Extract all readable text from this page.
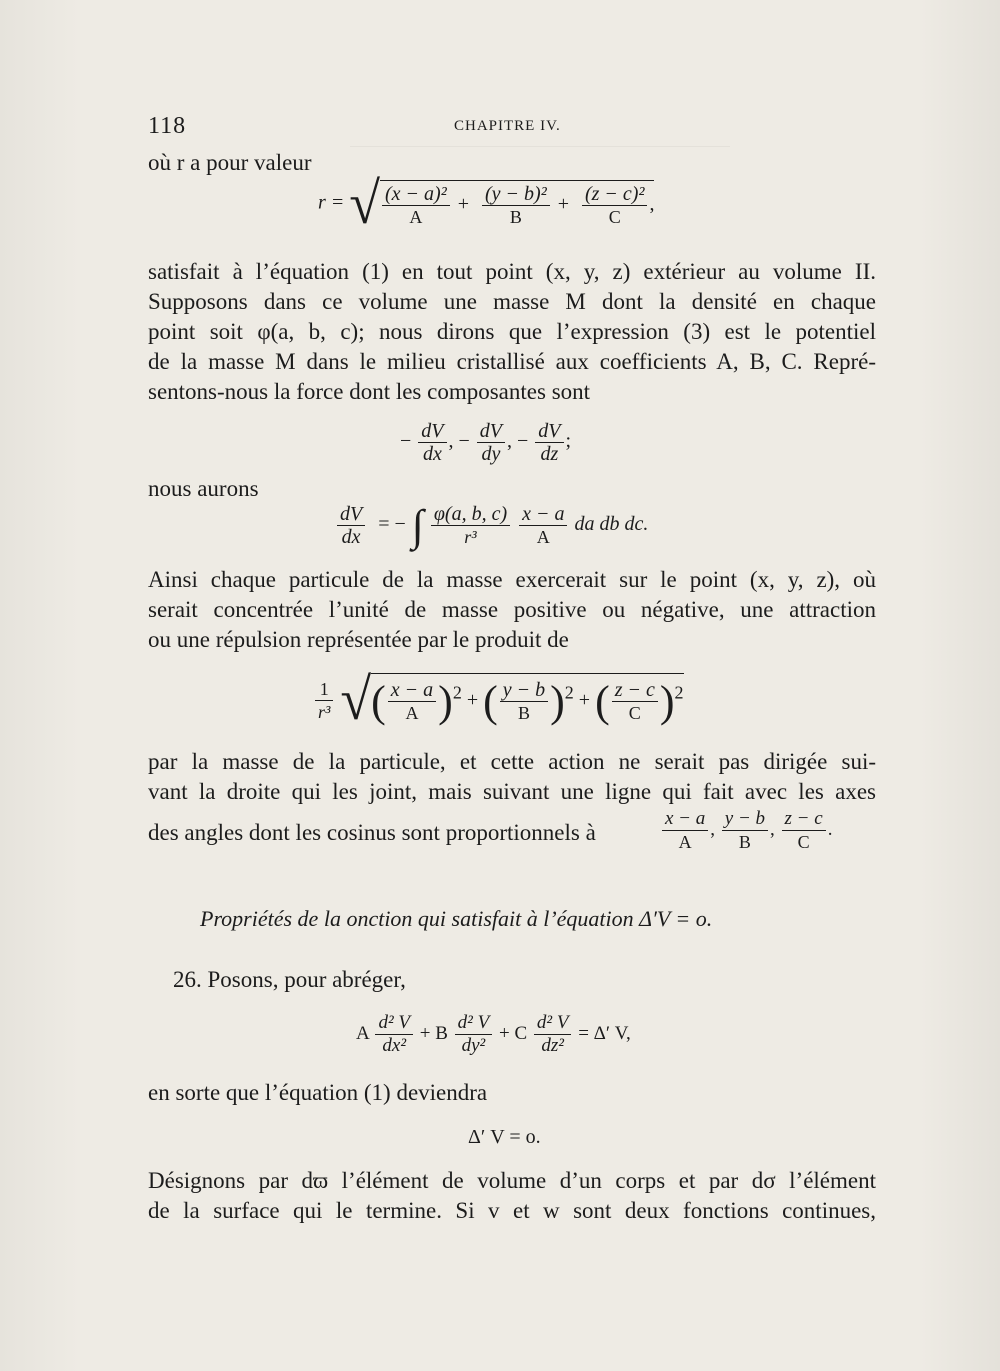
118	CHAPITRE IV.
où r a pour valeur
r = √ $\frac{\text{(x − a)²}}{A} + \frac{\text{(y − b)²}}{B} + \frac{\text{(z − c)²}}{C}$ ,
satisfait à l’équation (1) en tout point (x, y, z) extérieur au volume II.
Supposons dans ce volume une masse M dont la densité en chaque
point soit φ(a, b, c); nous dirons que l’expression (3) est le potentiel
de la masse M dans le milieu cristallisé aux coefficients A, B, C. Repré-
sentons-nous la force dont les composantes sont
− $\frac{dV}{dx}$ , − $\frac{dV}{dy}$ , − $\frac{dV}{dz}$ ;
nous aurons
$\frac{dV}{dx}$ = − ∫ $\frac{\varphi(a, b, c)}{\text{r³}}$
$\frac{x - a}{A}$ da db dc.
Ainsi chaque particule de la masse exercerait sur le point (x, y, z), où
serait concentrée l’unité de masse positive ou négative, une attraction
ou une répulsion représentée par le produit de
$\frac{1}{\text{r³}}$ √( $\frac{x - a}{A} )^2$ + ( $\frac{y - b}{B} )^2$ + ( $\frac{z - c}{C} )^2$
par la masse de la particule, et cette action ne serait pas dirigée sui-
vant la droite qui les joint, mais suivant une ligne qui fait avec les axes
des angles dont les cosinus sont proportionnels à	$\frac{x - a}{A}$ , $\frac{y - b}{B}$ , $\frac{z - c}{C}$ .
Propriétés de la onction qui satisfait à l’équation Δ′V = o.
26. Posons, pour abréger,
A $\frac{\text{d² V}}{\text{dx²}} + B \frac{\text{d² V}}{\text{dy²}} + C \frac{\text{d² V}}{\text{dz²}} = \Delta'$ V,
en sorte que l’équation (1) deviendra
Δ′ V = o.
Désignons par dϖ l’élément de volume d’un corps et par dσ l’élément
de la surface qui le termine. Si v et w sont deux fonctions continues,
